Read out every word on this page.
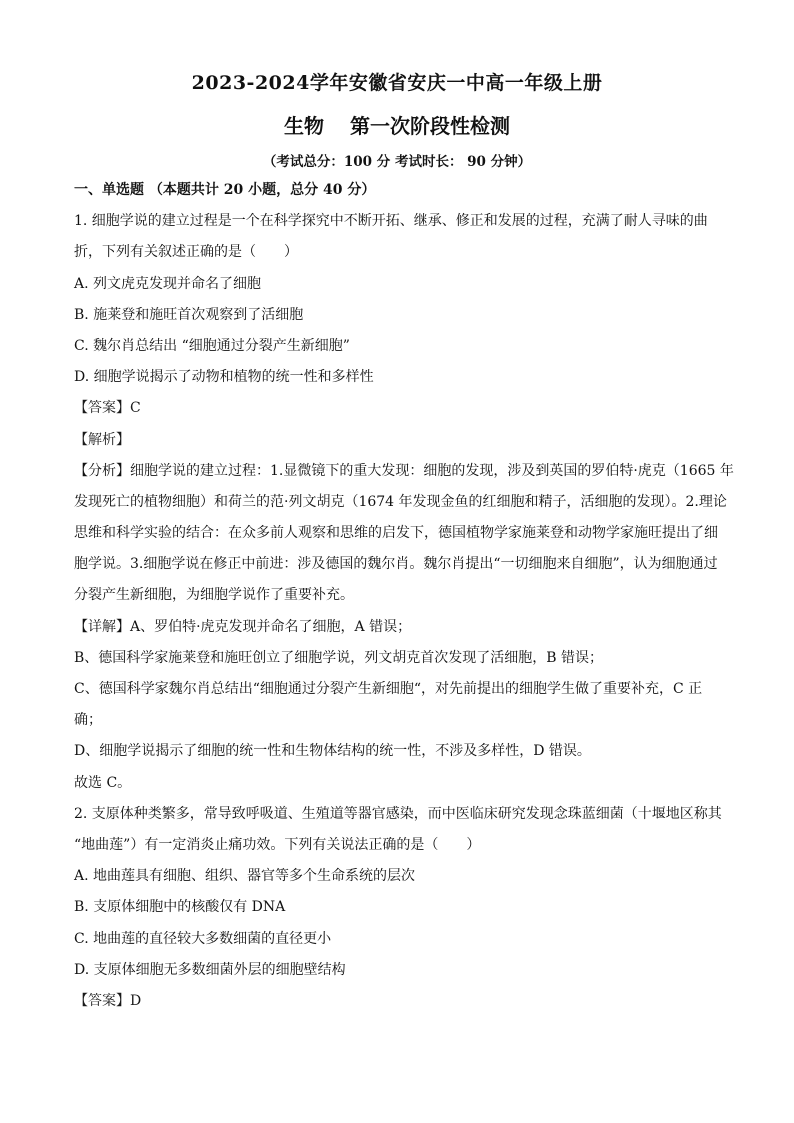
2023-2024学年安徽省安庆一中高一年级上册
生物 第一次阶段性检测
（考试总分：100 分 考试时长： 90 分钟）
一、单选题 （本题共计 20 小题，总分 40 分）
1. 细胞学说的建立过程是一个在科学探究中不断开拓、继承、修正和发展的过程，充满了耐人寻味的曲
折，下列有关叙述正确的是（　　）
A. 列文虎克发现并命名了细胞
B. 施莱登和施旺首次观察到了活细胞
C. 魏尔肖总结出 “细胞通过分裂产生新细胞”
D. 细胞学说揭示了动物和植物的统一性和多样性
【答案】C
【解析】
【分析】细胞学说的建立过程：1.显微镜下的重大发现：细胞的发现，涉及到英国的罗伯特·虎克（1665 年
发现死亡的植物细胞）和荷兰的范·列文胡克（1674 年发现金鱼的红细胞和精子，活细胞的发现）。2.理论
思维和科学实验的结合：在众多前人观察和思维的启发下，德国植物学家施莱登和动物学家施旺提出了细
胞学说。3.细胞学说在修正中前进：涉及德国的魏尔肖。魏尔肖提出“一切细胞来自细胞”，认为细胞通过
分裂产生新细胞，为细胞学说作了重要补充。
【详解】A、罗伯特·虎克发现并命名了细胞，A 错误；
B、德国科学家施莱登和施旺创立了细胞学说，列文胡克首次发现了活细胞，B 错误；
C、德国科学家魏尔肖总结出“细胞通过分裂产生新细胞“，对先前提出的细胞学生做了重要补充，C 正
确；
D、细胞学说揭示了细胞的统一性和生物体结构的统一性，不涉及多样性，D 错误。
故选 C。
2. 支原体种类繁多，常导致呼吸道、生殖道等器官感染，而中医临床研究发现念珠蓝细菌（十堰地区称其
“地曲莲”）有一定消炎止痛功效。下列有关说法正确的是（　　）
A. 地曲莲具有细胞、组织、器官等多个生命系统的层次
B. 支原体细胞中的核酸仅有 DNA
C. 地曲莲的直径较大多数细菌的直径更小
D. 支原体细胞无多数细菌外层的细胞壁结构
【答案】D
